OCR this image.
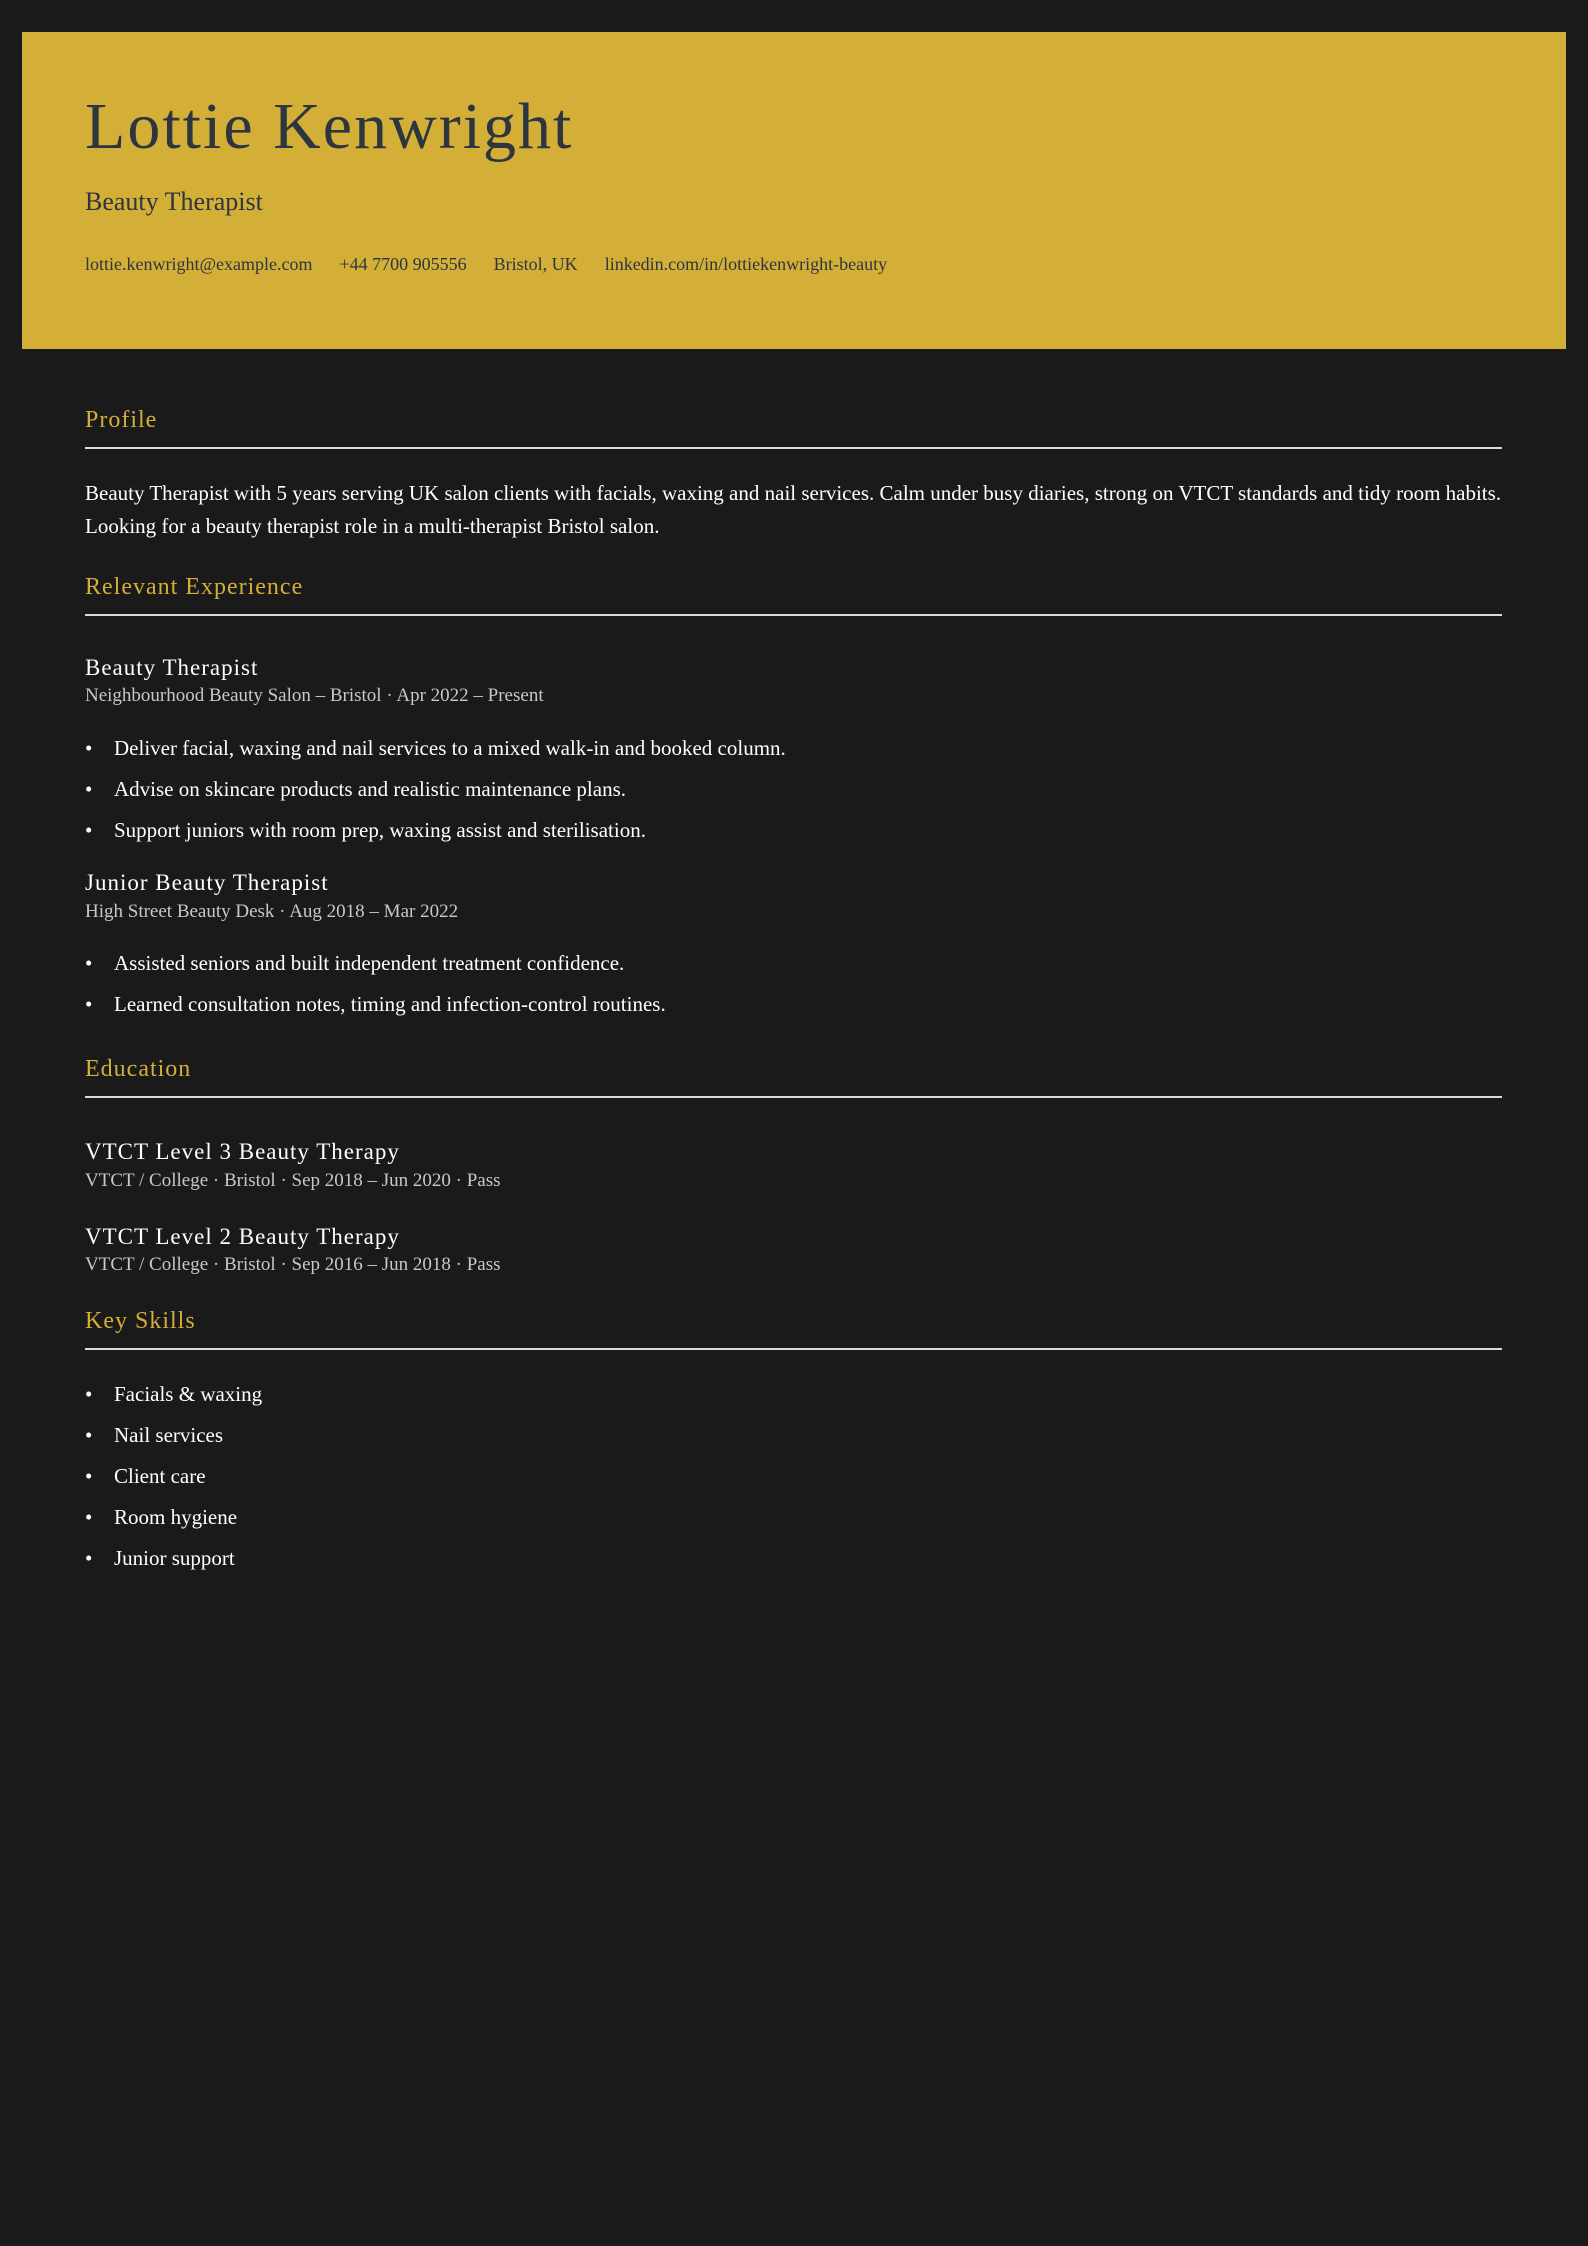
Lottie Kenwright
Beauty Therapist
lottie.kenwright@example.com +44 7700 905556 Bristol, UK linkedin.com/in/lottiekenwright-beauty
Profile

Beauty Therapist with 5 years serving UK salon clients with facials, waxing and nail services. Calm under busy diaries, strong on VTCT standards and tidy room habits. Looking for a beauty therapist role in a multi-therapist Bristol salon.

Relevant Experience
Beauty Therapist
Neighbourhood Beauty Salon – Bristol · Apr 2022 – Present
• Deliver facial, waxing and nail services to a mixed walk-in and booked column.
• Advise on skincare products and realistic maintenance plans.
• Support juniors with room prep, waxing assist and sterilisation.
Junior Beauty Therapist
High Street Beauty Desk · Aug 2018 – Mar 2022
• Assisted seniors and built independent treatment confidence.
• Learned consultation notes, timing and infection-control routines.
Education
VTCT Level 3 Beauty Therapy
VTCT / College · Bristol · Sep 2018 – Jun 2020 · Pass
VTCT Level 2 Beauty Therapy
VTCT / College · Bristol · Sep 2016 – Jun 2018 · Pass
Key Skills
• Facials & waxing
• Nail services
• Client care
• Room hygiene
• Junior support
